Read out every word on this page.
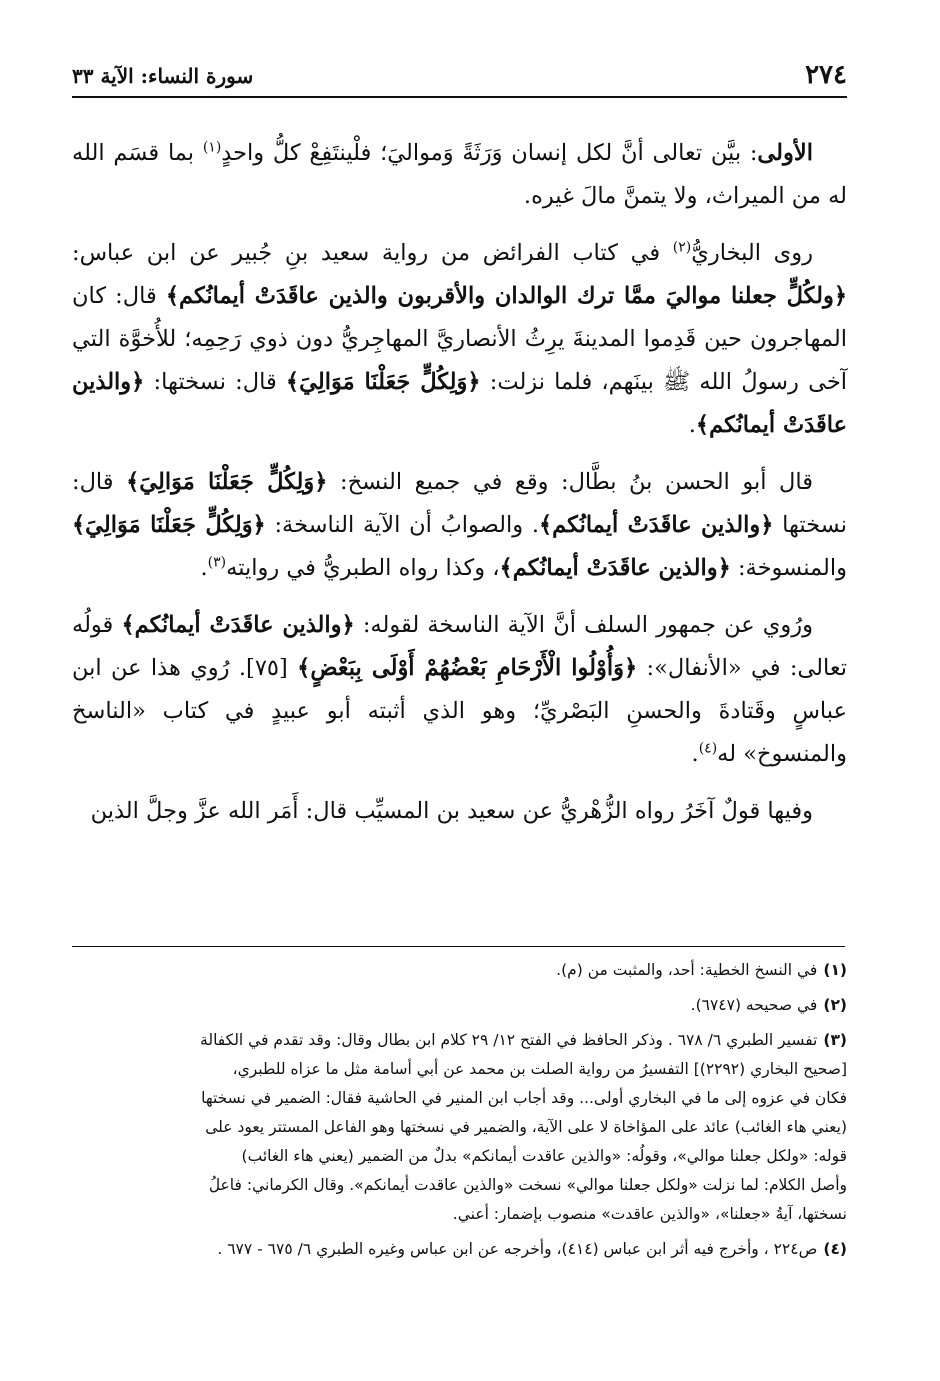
٢٧٤
سورة النساء: الآية ٣٣

الأولى: بيَّن تعالى أنَّ لكل إنسان وَرَثَةً وَمواليَ؛ فلْينتَفِعْ كلُّ واحدٍ$^{(١)}$ بما قسَم الله له من الميراث، ولا يتمنَّ مالَ غيره.

روى البخاريُّ$^{(٢)}$ في كتاب الفرائض من رواية سعيد بنِ جُبير عن ابن عباس: ﴿ولكُلٍّ جعلنا مواليَ ممَّا ترك الوالدان والأقربون والذين عاقَدَتْ أيمانُكم﴾ قال: كان المهاجرون حين قَدِموا المدينةَ يرِثُ الأنصاريَّ المهاجِريُّ دون ذوي رَحِمِه؛ للأُخوَّة التي آخى رسولُ الله ﷺ بينَهم، فلما نزلت: ﴿وَلِكُلٍّ جَعَلْنَا مَوَالِيَ﴾ قال: نسختها: ﴿والذين عاقَدَتْ أيمانُكم﴾.

قال أبو الحسن بنُ بطَّال: وقع في جميع النسخ: ﴿وَلِكُلٍّ جَعَلْنَا مَوَالِيَ﴾ قال: نسختها ﴿والذين عاقَدَتْ أيمانُكم﴾. والصوابُ أن الآية الناسخة: ﴿وَلِكُلٍّ جَعَلْنَا مَوَالِيَ﴾ والمنسوخة: ﴿والذين عاقَدَتْ أيمانُكم﴾، وكذا رواه الطبريُّ في روايته$^{(٣)}$.

ورُوي عن جمهور السلف أنَّ الآية الناسخة لقوله: ﴿والذين عاقَدَتْ أيمانُكم﴾ قولُه تعالى: في «الأنفال»: ﴿وَأُوْلُوا الْأَرْحَامِ بَعْضُهُمْ أَوْلَى بِبَعْضٍ﴾ [٧٥]. رُوي هذا عن ابن عباسٍ وقَتادةَ والحسنِ البَصْريِّ؛ وهو الذي أثبته أبو عبيدٍ في كتاب «الناسخ والمنسوخ» له$^{(٤)}$.

وفيها قولٌ آخَرُ رواه الزُّهْريُّ عن سعيد بن المسيِّب قال: أَمَر الله عزَّ وجلَّ الذين

(١)في النسخ الخطية: أحد، والمثبت من (م).

(٢)في صحيحه (٦٧٤٧).

(٣)تفسير الطبري ٦/ ٦٧٨ . وذكر الحافظ في الفتح ١٢/ ٢٩ كلام ابن بطال وقال: وقد تقدم في الكفالة

[صحيح البخاري (٢٢٩٢)] التفسيرُ من رواية الصلت بن محمد عن أبي أسامة مثل ما عزاه للطبري،

فكان في عزوه إلى ما في البخاري أولى... وقد أجاب ابن المنير في الحاشية فقال: الضمير في نسختها

(يعني هاء الغائب) عائد على المؤاخاة لا على الآية، والضمير في نسختها وهو الفاعل المستتر يعود على

قوله: «ولكل جعلنا موالي»، وقولُه: «والذين عاقدت أيمانكم» بدلٌ من الضمير (يعني هاء الغائب)

وأصل الكلام: لما نزلت «ولكل جعلنا موالي» نسخت «والذين عاقدت أيمانكم». وقال الكرماني: فاعلُ

نسختها، آيةُ «جعلنا»، «والذين عاقدت» منصوب بإضمار: أعني.

(٤)ص٢٢٤ ، وأخرج فيه أثر ابن عباس (٤١٤)، وأخرجه عن ابن عباس وغيره الطبري ٦/ ٦٧٥ - ٦٧٧ .
